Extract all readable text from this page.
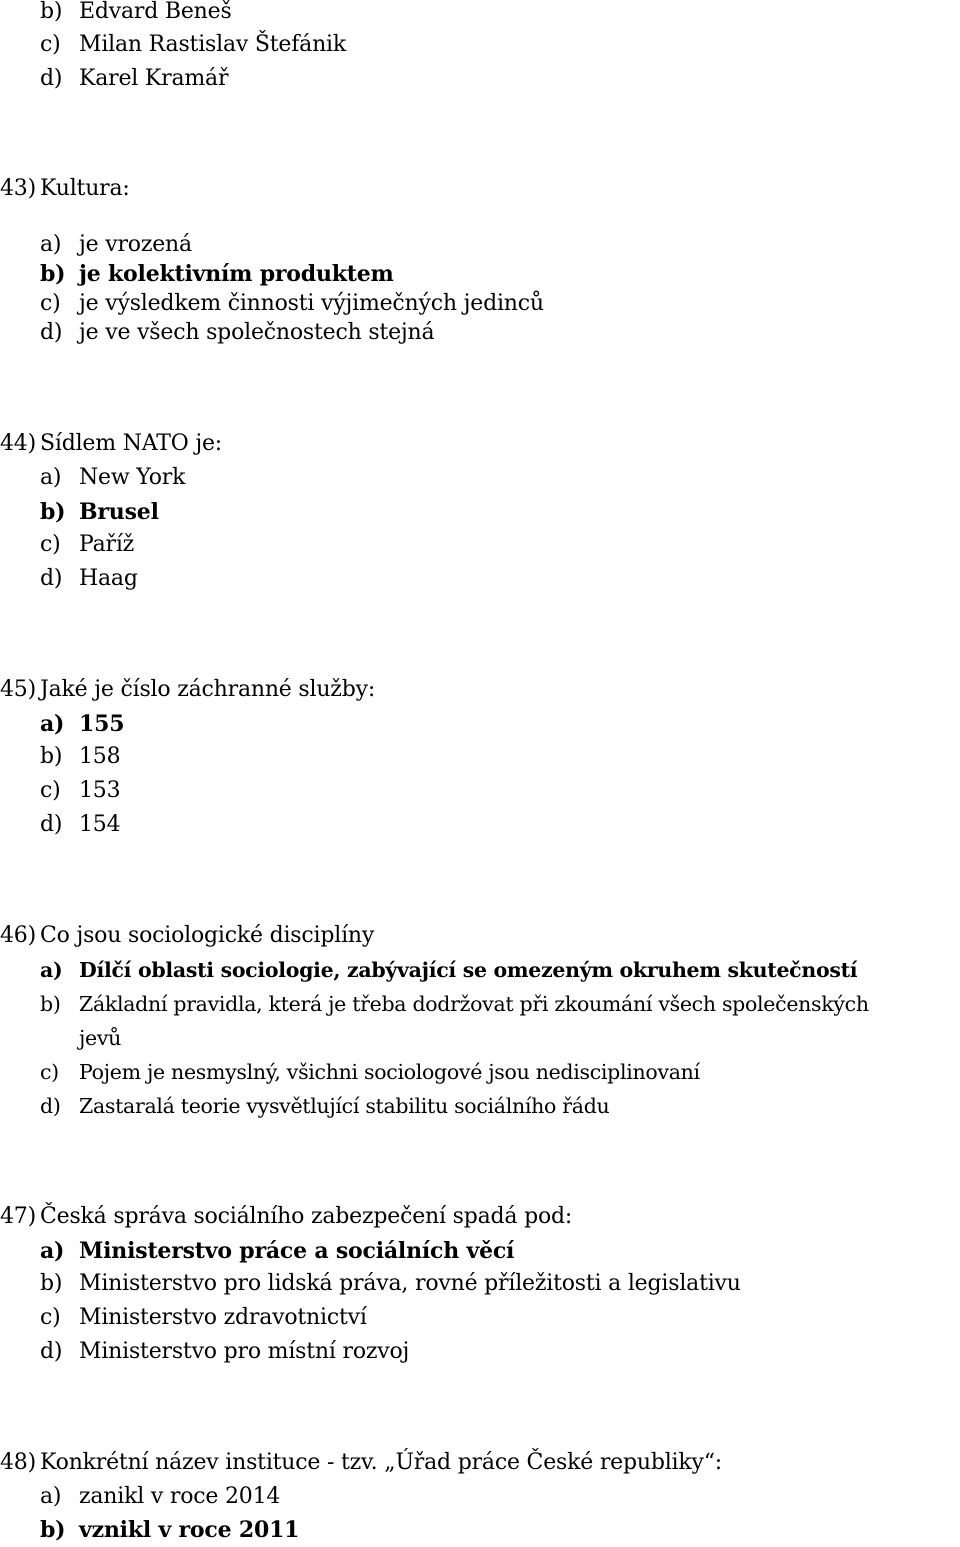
b) Edvard Beneš
c) Milan Rastislav Štefánik
d) Karel Kramář
43) Kultura:
a) je vrozená
b) je kolektivním produktem
c) je výsledkem činnosti výjimečných jedinců
d) je ve všech společnostech stejná
44) Sídlem NATO je:
a) New York
b) Brusel
c) Paříž
d) Haag
45) Jaké je číslo záchranné služby:
a) 155
b) 158
c) 153
d) 154
46) Co jsou sociologické disciplíny
a) Dílčí oblasti sociologie, zabývající se omezeným okruhem skutečností
b) Základní pravidla, která je třeba dodržovat při zkoumání všech společenských
jevů
c) Pojem je nesmyslný, všichni sociologové jsou nedisciplinovaní
d) Zastaralá teorie vysvětlující stabilitu sociálního řádu
47) Česká správa sociálního zabezpečení spadá pod:
a) Ministerstvo práce a sociálních věcí
b) Ministerstvo pro lidská práva, rovné příležitosti a legislativu
c) Ministerstvo zdravotnictví
d) Ministerstvo pro místní rozvoj
48) Konkrétní název instituce - tzv. „Úřad práce České republiky“:
a) zanikl v roce 2014
b) vznikl v roce 2011
